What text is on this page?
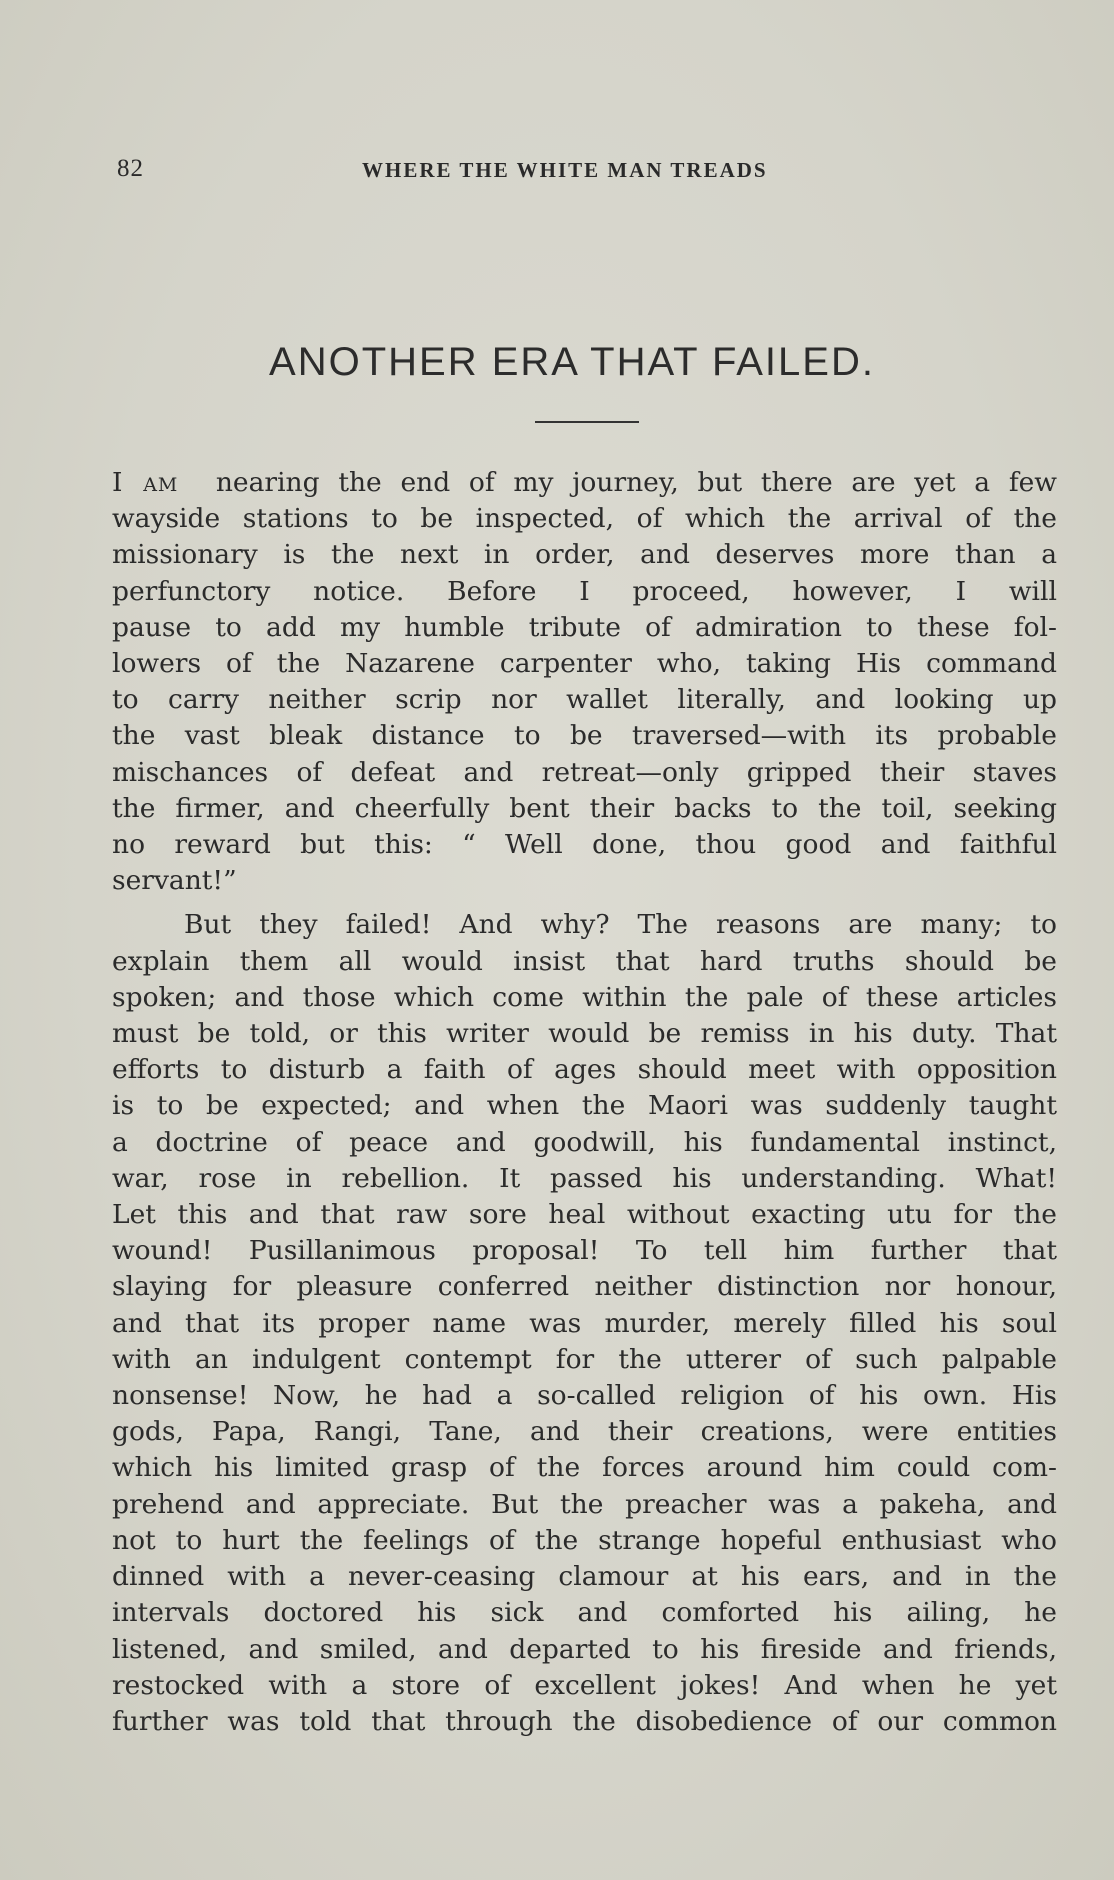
82	WHERE THE WHITE MAN TREADS
ANOTHER ERA THAT FAILED.
I am nearing the end of my journey, but there are yet a few
wayside stations to be inspected, of which the arrival of the
missionary is the next in order, and deserves more than a
perfunctory notice. Before I proceed, however, I will
pause to add my humble tribute of admiration to these fol-
lowers of the Nazarene carpenter who, taking His command
to carry neither scrip nor wallet literally, and looking up
the vast bleak distance to be traversed—with its probable
mischances of defeat and retreat—only gripped their staves
the firmer, and cheerfully bent their backs to the toil, seeking
no reward but this: “ Well done, thou good and faithful
servant!”
But they failed! And why? The reasons are many; to
explain them all would insist that hard truths should be
spoken; and those which come within the pale of these articles
must be told, or this writer would be remiss in his duty. That
efforts to disturb a faith of ages should meet with opposition
is to be expected; and when the Maori was suddenly taught
a doctrine of peace and goodwill, his fundamental instinct,
war, rose in rebellion. It passed his understanding. What!
Let this and that raw sore heal without exacting utu for the
wound! Pusillanimous proposal! To tell him further that
slaying for pleasure conferred neither distinction nor honour,
and that its proper name was murder, merely filled his soul
with an indulgent contempt for the utterer of such palpable
nonsense! Now, he had a so-called religion of his own. His
gods, Papa, Rangi, Tane, and their creations, were entities
which his limited grasp of the forces around him could com-
prehend and appreciate. But the preacher was a pakeha, and
not to hurt the feelings of the strange hopeful enthusiast who
dinned with a never-ceasing clamour at his ears, and in the
intervals doctored his sick and comforted his ailing, he
listened, and smiled, and departed to his fireside and friends,
restocked with a store of excellent jokes! And when he yet
further was told that through the disobedience of our common
